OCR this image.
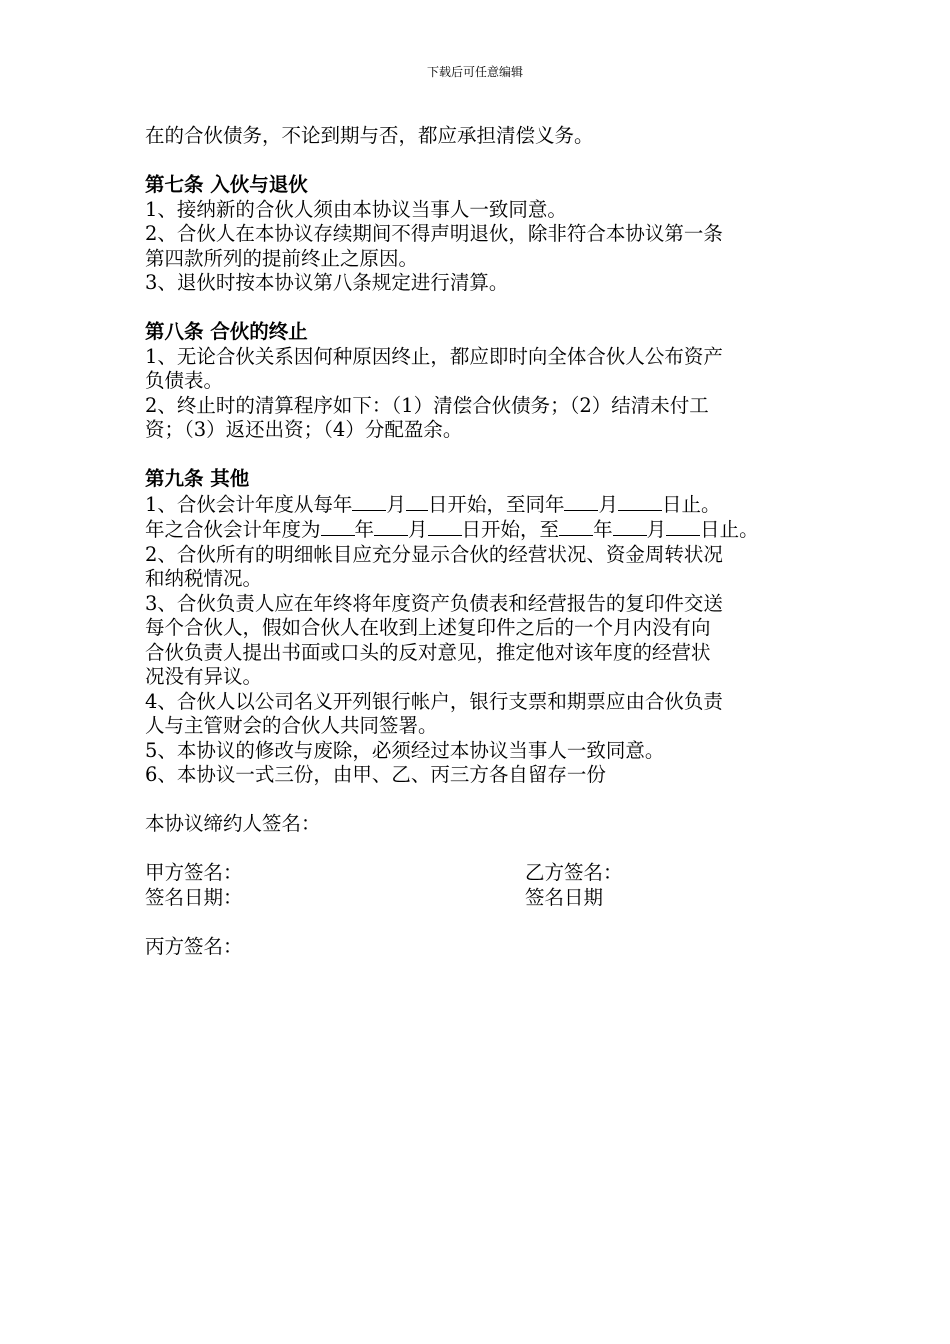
下载后可任意编辑

在的合伙债务，不论到期与否，都应承担清偿义务。

第七条 入伙与退伙

1、接纳新的合伙人须由本协议当事人一致同意。

2、合伙人在本协议存续期间不得声明退伙，除非符合本协议第一条

第四款所列的提前终止之原因。

3、退伙时按本协议第八条规定进行清算。

第八条 合伙的终止

1、无论合伙关系因何种原因终止，都应即时向全体合伙人公布资产

负债表。

2、终止时的清算程序如下：（1）清偿合伙债务；（2）结清未付工

资；（3）返还出资；（4）分配盈余。

第九条 其他

1、合伙会计年度从每年 月 日开始，至同年 月 日止。

年之合伙会计年度为 年 月 日开始，至 年 月 日止。

2、合伙所有的明细帐目应充分显示合伙的经营状况、资金周转状况

和纳税情况。

3、合伙负责人应在年终将年度资产负债表和经营报告的复印件交送

每个合伙人，假如合伙人在收到上述复印件之后的一个月内没有向

合伙负责人提出书面或口头的反对意见，推定他对该年度的经营状

况没有异议。

4、合伙人以公司名义开列银行帐户，银行支票和期票应由合伙负责

人与主管财会的合伙人共同签署。

5、本协议的修改与废除，必须经过本协议当事人一致同意。

6、本协议一式三份，由甲、乙、丙三方各自留存一份

本协议缔约人签名：

甲方签名：	乙方签名：
签名日期：	签名日期

丙方签名：
